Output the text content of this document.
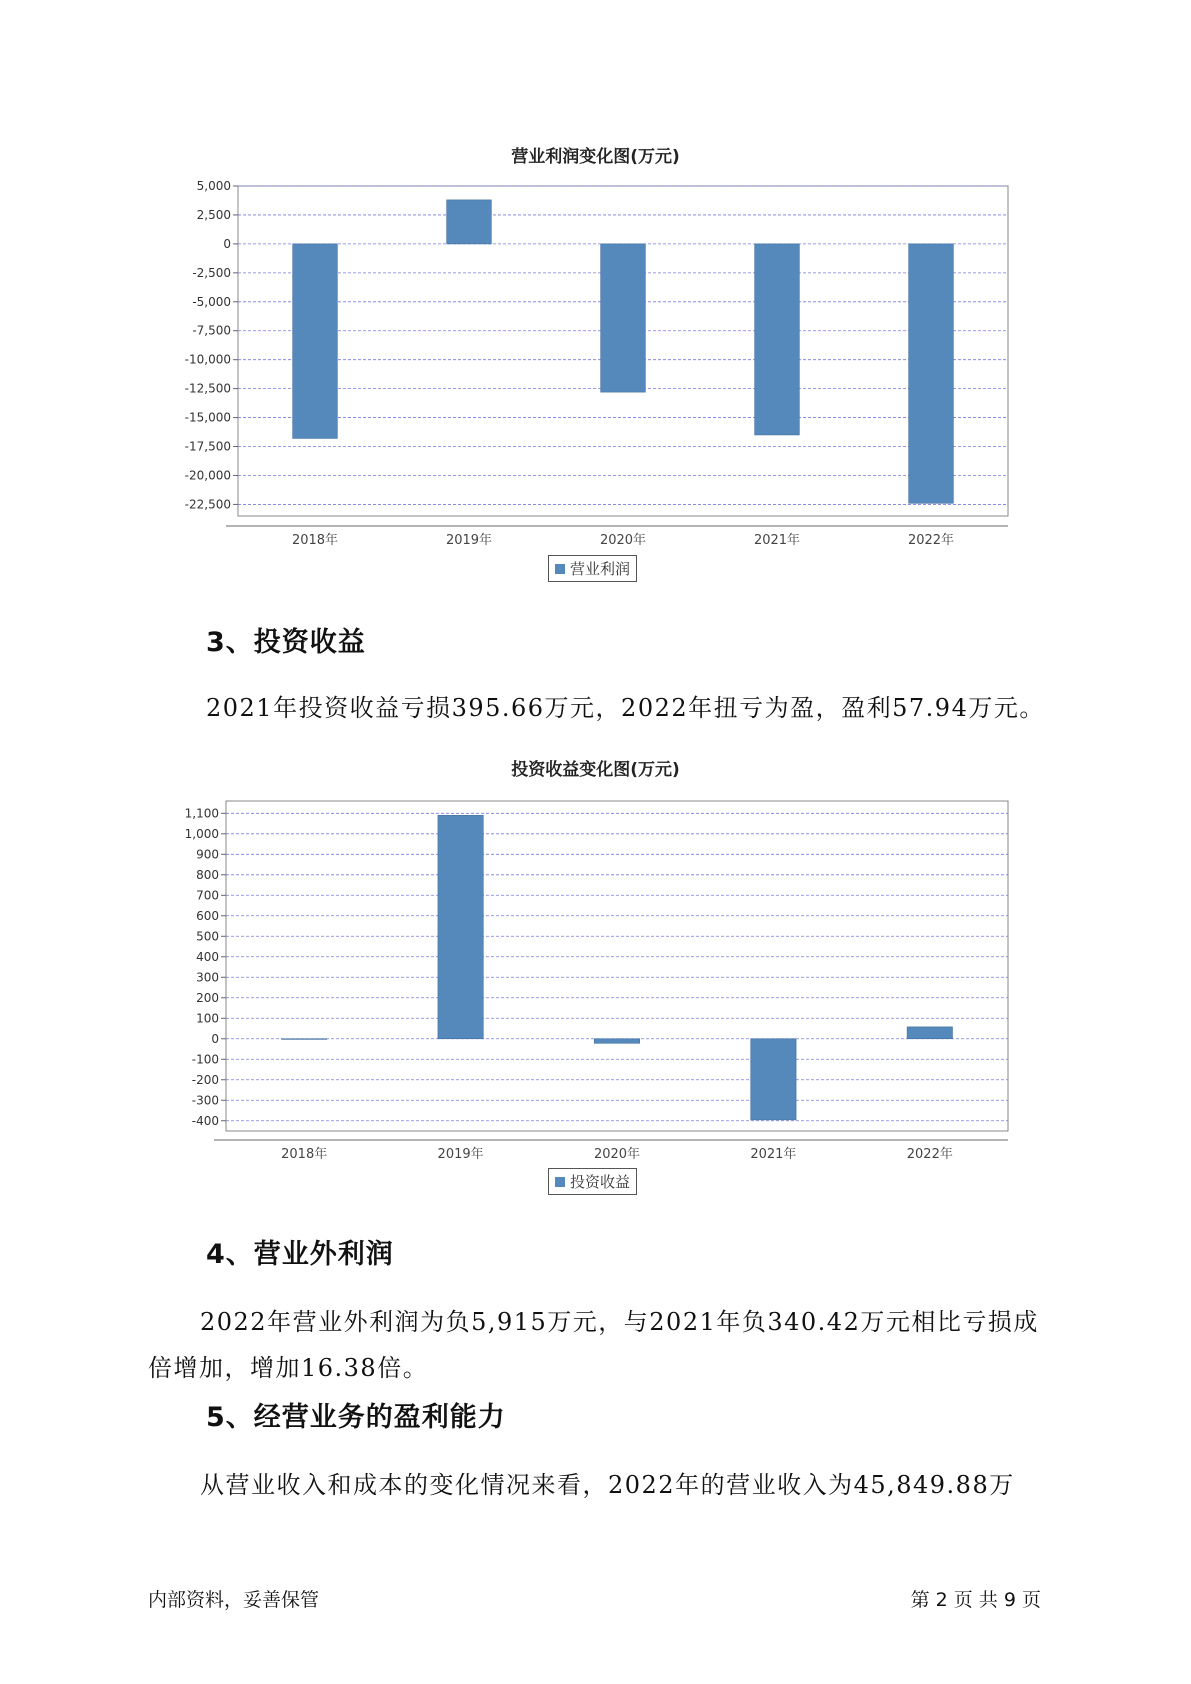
营业利润变化图(万元)
5,000
2,500
0
-2,500
-5,000
-7,500
-10,000
-12,500
-15,000
-17,500
-20,000
-22,500
2018年	2019年	2020年	2021年	2022年
营业利润
3、投资收益

2021年投资收益亏损395.66万元，2022年扭亏为盈，盈利57.94万元。

投资收益变化图(万元)
1,100
1,000
900
800
700
600
500
400
300
200
100
0
-100
-200
-300
-400
2018年	2019年	2020年	2021年	2022年
投资收益
4、营业外利润

2022年营业外利润为负5,915万元，与2021年负340.42万元相比亏损成

倍增加，增加16.38倍。

5、经营业务的盈利能力

从营业收入和成本的变化情况来看，2022年的营业收入为45,849.88万

内部资料，妥善保管	第 2 页 共 9 页
